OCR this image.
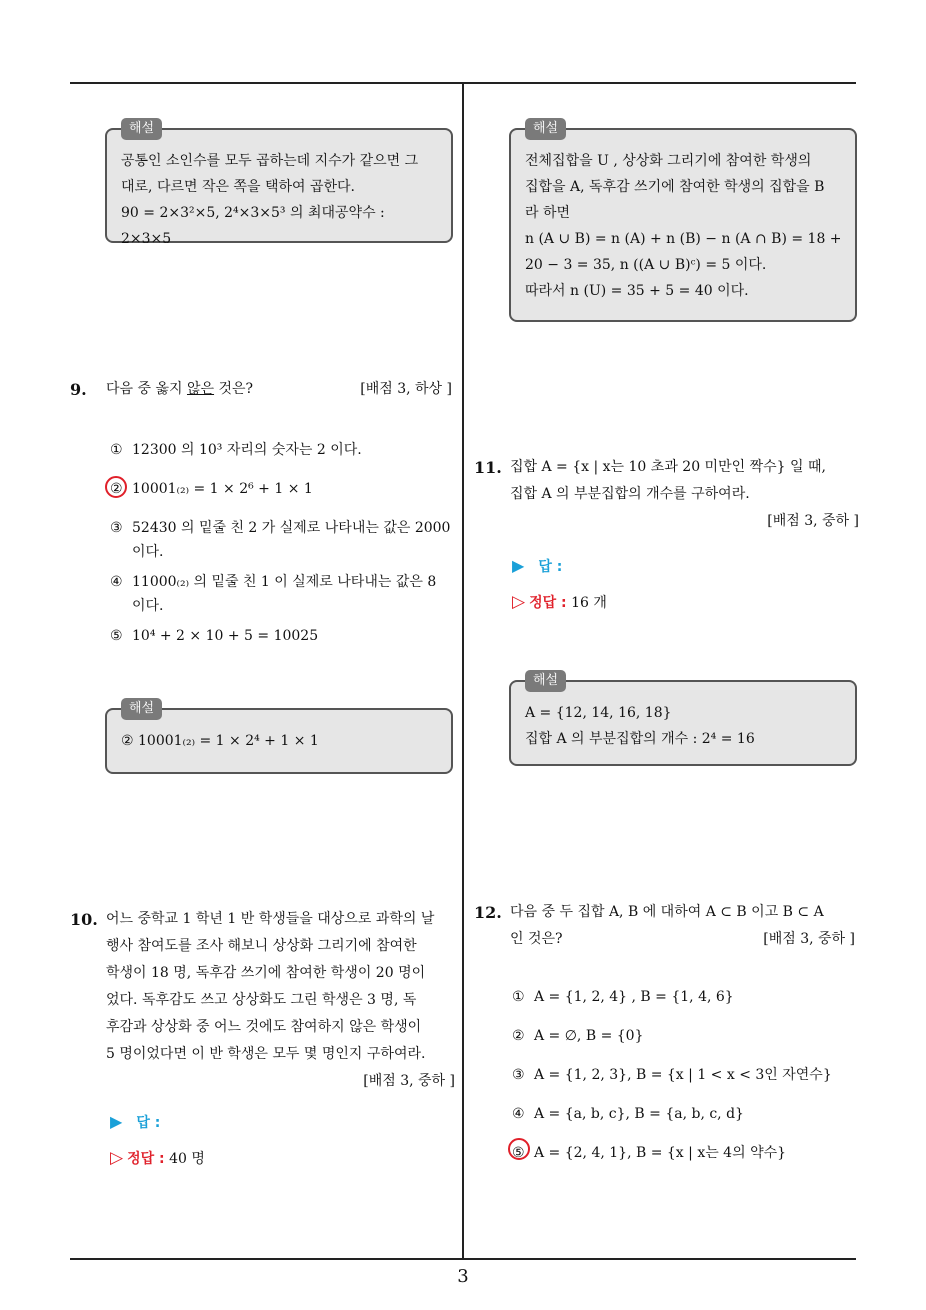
해설

공통인 소인수를 모두 곱하는데 지수가 같으면 그

대로, 다르면 작은 쪽을 택하여 곱한다.

90 = 2×3²×5, 2⁴×3×5³ 의 최대공약수 : 2×3×5

9. 다음 중 옳지 않은 것은?	[배점 3, 하상 ]
① 12300 의 10³ 자리의 숫자는 2 이다.
② 10001₍₂₎ = 1 × 2⁶ + 1 × 1
③ 52430 의 밑줄 친 2 가 실제로 나타내는 값은 2000 이다.
④ 11000₍₂₎ 의 밑줄 친 1 이 실제로 나타내는 값은 8 이다.
⑤ 10⁴ + 2 × 10 + 5 = 10025
해설

② 10001₍₂₎ = 1 × 2⁴ + 1 × 1

10. 어느 중학교 1 학년 1 반 학생들을 대상으로 과학의 날
행사 참여도를 조사 해보니 상상화 그리기에 참여한
학생이 18 명, 독후감 쓰기에 참여한 학생이 20 명이
었다. 독후감도 쓰고 상상화도 그린 학생은 3 명, 독
후감과 상상화 중 어느 것에도 참여하지 않은 학생이
5 명이었다면 이 반 학생은 모두 몇 명인지 구하여라.
[배점 3, 중하 ]
▶ 답 :
▷ 정답 : 40 명
해설

전체집합을 U , 상상화 그리기에 참여한 학생의

집합을 A, 독후감 쓰기에 참여한 학생의 집합을 B

라 하면

n (A ∪ B) = n (A) + n (B) − n (A ∩ B) = 18 +

20 − 3 = 35, n ((A ∪ B)ᶜ) = 5 이다.

따라서 n (U) = 35 + 5 = 40 이다.

11. 집합 A = {x | x는 10 초과 20 미만인 짝수} 일 때,
집합 A 의 부분집합의 개수를 구하여라.
[배점 3, 중하 ]
▶ 답 :
▷ 정답 : 16 개
해설

A = {12, 14, 16, 18}

집합 A 의 부분집합의 개수 : 2⁴ = 16

12. 다음 중 두 집합 A, B 에 대하여 A ⊂ B 이고 B ⊂ A
인 것은?	[배점 3, 중하 ]
① A = {1, 2, 4} , B = {1, 4, 6}
② A = ∅, B = {0}
③ A = {1, 2, 3}, B = {x | 1 < x < 3인 자연수}
④ A = {a, b, c}, B = {a, b, c, d}
⑤ A = {2, 4, 1}, B = {x | x는 4의 약수}
3
